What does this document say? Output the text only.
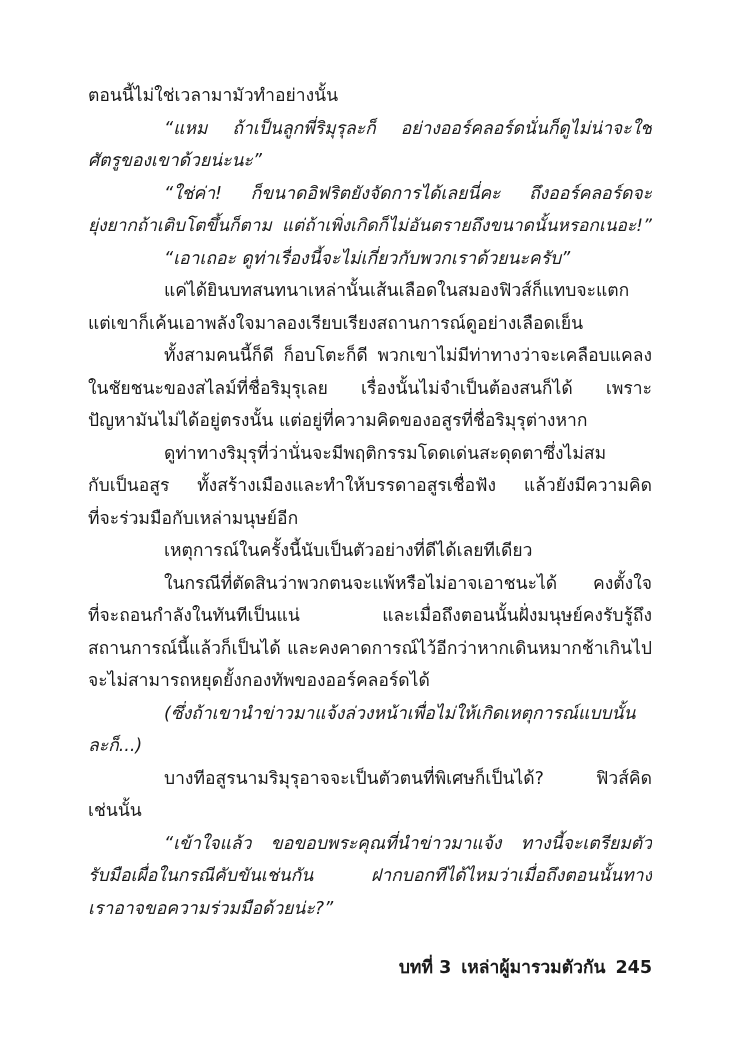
ตอนนี้ไม่ใช่เวลามามัวทำอย่างนั้น
“แหม ถ้าเป็นลูกพี่ริมุรุละก็ อย่างออร์คลอร์ดนั่นก็ดูไม่น่าจะใช่
ศัตรูของเขาด้วยน่ะนะ”
“ใช่ค่า! ก็ขนาดอิฟริตยังจัดการได้เลยนี่คะ ถึงออร์คลอร์ดจะ
ยุ่งยากถ้าเติบโตขึ้นก็ตาม แต่ถ้าเพิ่งเกิดก็ไม่อันตรายถึงขนาดนั้นหรอกเนอะ!”
“เอาเถอะ ดูท่าเรื่องนี้จะไม่เกี่ยวกับพวกเราด้วยนะครับ”
แค่ได้ยินบทสนทนาเหล่านั้นเส้นเลือดในสมองฟิวส์ก็แทบจะแตก
แต่เขาก็เค้นเอาพลังใจมาลองเรียบเรียงสถานการณ์ดูอย่างเลือดเย็น
ทั้งสามคนนี้ก็ดี ก็อบโตะก็ดี พวกเขาไม่มีท่าทางว่าจะเคลือบแคลง
ในชัยชนะของสไลม์ที่ชื่อริมุรุเลย เรื่องนั้นไม่จำเป็นต้องสนก็ได้ เพราะ
ปัญหามันไม่ได้อยู่ตรงนั้น แต่อยู่ที่ความคิดของอสูรที่ชื่อริมุรุต่างหาก
ดูท่าทางริมุรุที่ว่านั่นจะมีพฤติกรรมโดดเด่นสะดุดตาซึ่งไม่สม
กับเป็นอสูร ทั้งสร้างเมืองและทำให้บรรดาอสูรเชื่อฟัง แล้วยังมีความคิด
ที่จะร่วมมือกับเหล่ามนุษย์อีก
เหตุการณ์ในครั้งนี้นับเป็นตัวอย่างที่ดีได้เลยทีเดียว
ในกรณีที่ตัดสินว่าพวกตนจะแพ้หรือไม่อาจเอาชนะได้ คงตั้งใจ
ที่จะถอนกำลังในทันทีเป็นแน่ และเมื่อถึงตอนนั้นฝั่งมนุษย์คงรับรู้ถึง
สถานการณ์นี้แล้วก็เป็นได้ และคงคาดการณ์ไว้อีกว่าหากเดินหมากช้าเกินไป
จะไม่สามารถหยุดยั้งกองทัพของออร์คลอร์ดได้
(ซึ่งถ้าเขานำข่าวมาแจ้งล่วงหน้าเพื่อไม่ให้เกิดเหตุการณ์แบบนั้น
ละก็...)
บางทีอสูรนามริมุรุอาจจะเป็นตัวตนที่พิเศษก็เป็นได้? ฟิวส์คิด
เช่นนั้น
“เข้าใจแล้ว ขอขอบพระคุณที่นำข่าวมาแจ้ง ทางนี้จะเตรียมตัว
รับมือเผื่อในกรณีคับขันเช่นกัน ฝากบอกทีได้ไหมว่าเมื่อถึงตอนนั้นทาง
เราอาจขอความร่วมมือด้วยน่ะ?”
บทที่ 3 เหล่าผู้มารวมตัวกัน 245
